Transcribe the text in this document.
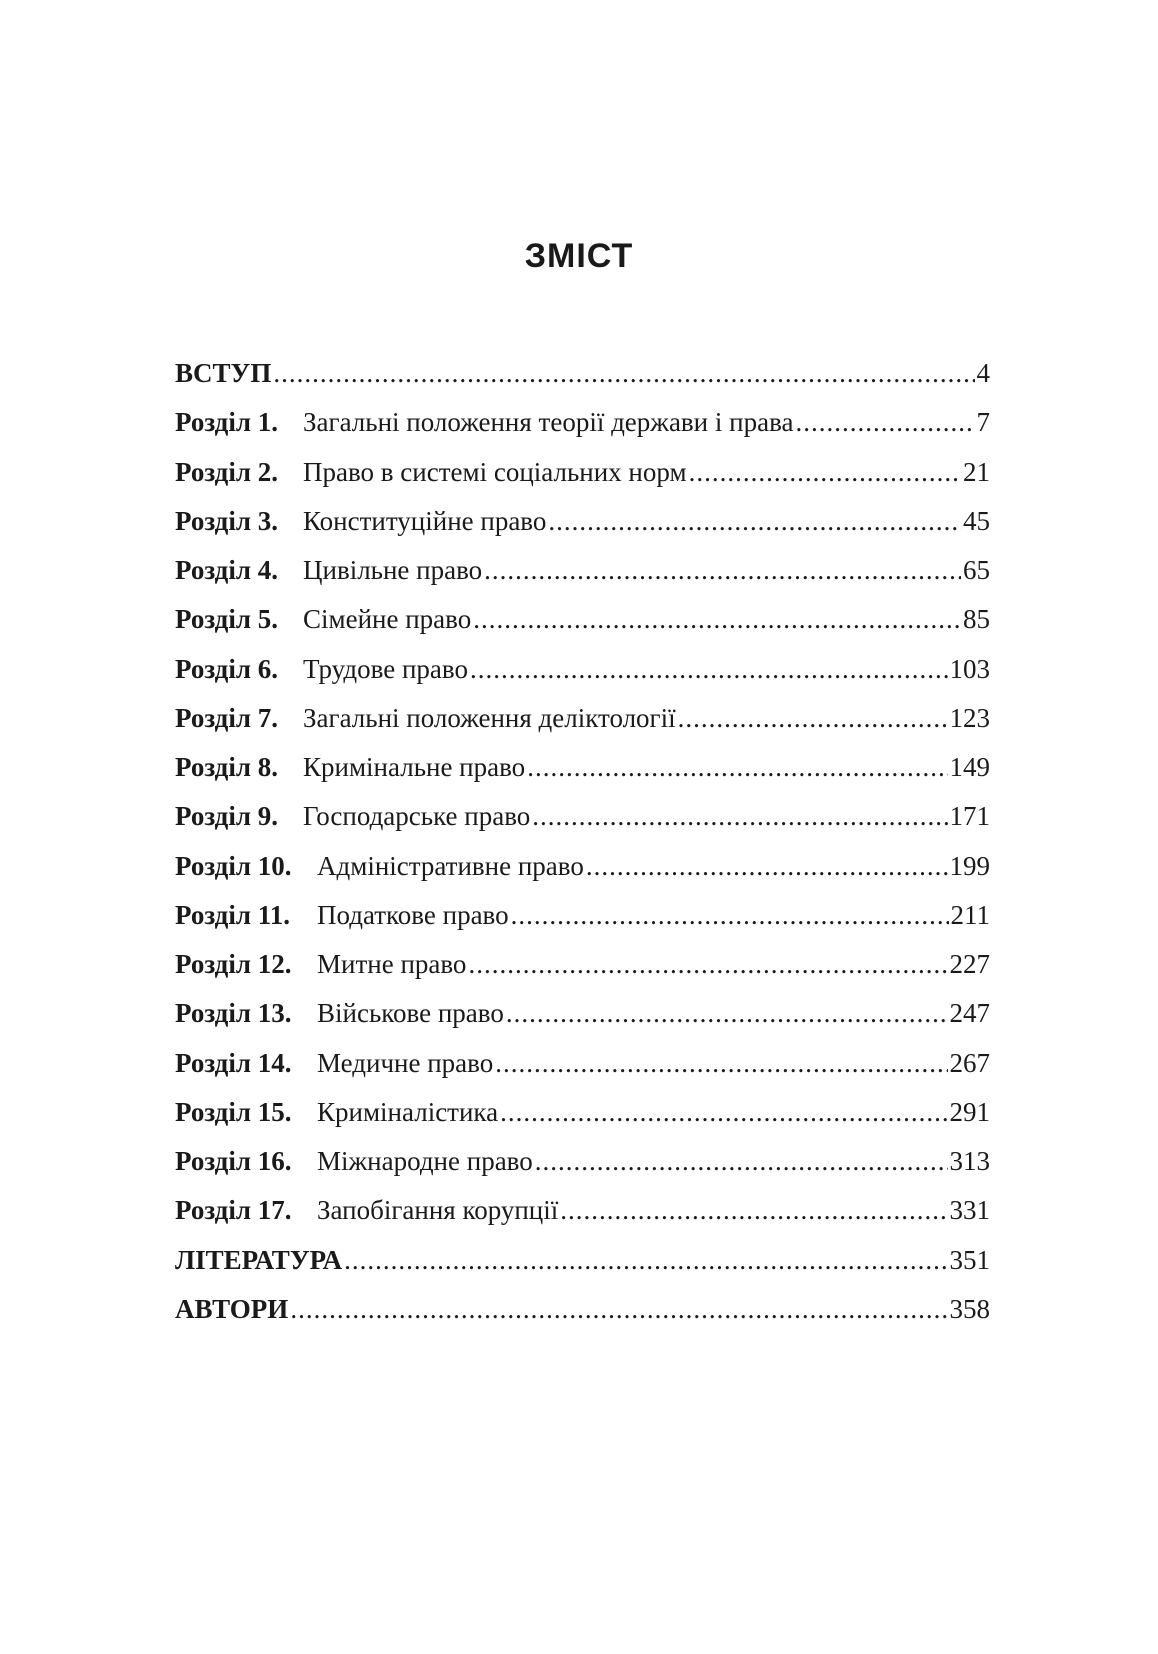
ЗМІСТ
ВСТУП .....	4
Розділ 1. Загальні положення теорії держави і права .....	7
Розділ 2. Право в системі соціальних норм .....	21
Розділ 3. Конституційне право .....	45
Розділ 4. Цивільне право .....	65
Розділ 5. Сімейне право .....	85
Розділ 6. Трудове право .....	103
Розділ 7. Загальні положення деліктології .....	123
Розділ 8. Кримінальне право .....	149
Розділ 9. Господарське право .....	171
Розділ 10. Адміністративне право .....	199
Розділ 11. Податкове право .....	211
Розділ 12. Митне право .....	227
Розділ 13. Військове право .....	247
Розділ 14. Медичне право .....	267
Розділ 15. Криміналістика .....	291
Розділ 16. Міжнародне право .....	313
Розділ 17. Запобігання корупції .....	331
ЛІТЕРАТУРА .....	351
АВТОРИ .....	358
